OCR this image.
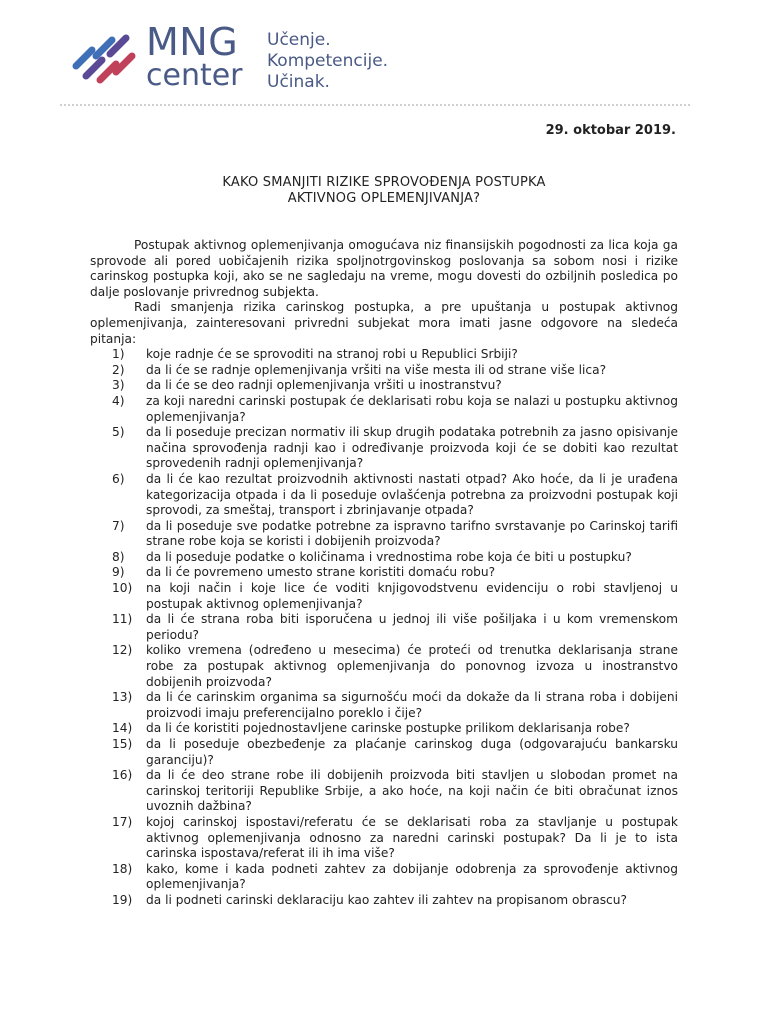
MNG
center
Učenje.
Kompetencije.
Učinak.
29. oktobar 2019.
KAKO SMANJITI RIZIKE SPROVOĐENJA POSTUPKA
AKTIVNOG OPLEMENJIVANJA?

Postupak aktivnog oplemenjivanja omogućava niz finansijskih pogodnosti za lica koja ga sprovode ali pored uobičajenih rizika spoljnotrgovinskog poslovanja sa sobom nosi i rizike carinskog postupka koji, ako se ne sagledaju na vreme, mogu dovesti do ozbiljnih posledica po dalje poslovanje privrednog subjekta.

Radi smanjenja rizika carinskog postupka, a pre upuštanja u postupak aktivnog oplemenjivanja, zainteresovani privredni subjekat mora imati jasne odgovore na sledeća pitanja:

1)	koje radnje će se sprovoditi na stranoj robi u Republici Srbiji?
2)	da li će se radnje oplemenjivanja vršiti na više mesta ili od strane više lica?
3)	da li će se deo radnji oplemenjivanja vršiti u inostranstvu?
4)	za koji naredni carinski postupak će deklarisati robu koja se nalazi u postupku aktivnog oplemenjivanja?
5)	da li poseduje precizan normativ ili skup drugih podataka potrebnih za jasno opisivanje načina sprovođenja radnji kao i određivanje proizvoda koji će se dobiti kao rezultat sprovedenih radnji oplemenjivanja?
6)	da li će kao rezultat proizvodnih aktivnosti nastati otpad? Ako hoće, da li je urađena kategorizacija otpada i da li poseduje ovlašćenja potrebna za proizvodni postupak koji sprovodi, za smeštaj, transport i zbrinjavanje otpada?
7)	da li poseduje sve podatke potrebne za ispravno tarifno svrstavanje po Carinskoj tarifi strane robe koja se koristi i dobijenih proizvoda?
8)	da li poseduje podatke o količinama i vrednostima robe koja će biti u postupku?
9)	da li će povremeno umesto strane koristiti domaću robu?
10)	na koji način i koje lice će voditi knjigovodstvenu evidenciju o robi stavljenoj u postupak aktivnog oplemenjivanja?
11)	da li će strana roba biti isporučena u jednoj ili više pošiljaka i u kom vremenskom periodu?
12)	koliko vremena (određeno u mesecima) će proteći od trenutka deklarisanja strane robe za postupak aktivnog oplemenjivanja do ponovnog izvoza u inostranstvo dobijenih proizvoda?
13)	da li će carinskim organima sa sigurnošću moći da dokaže da li strana roba i dobijeni proizvodi imaju preferencijalno poreklo i čije?
14)	da li će koristiti pojednostavljene carinske postupke prilikom deklarisanja robe?
15)	da li poseduje obezbeđenje za plaćanje carinskog duga (odgovarajuću bankarsku garanciju)?
16)	da li će deo strane robe ili dobijenih proizvoda biti stavljen u slobodan promet na carinskoj teritoriji Republike Srbije, a ako hoće, na koji način će biti obračunat iznos uvoznih dažbina?
17)	kojoj carinskoj ispostavi/referatu će se deklarisati roba za stavljanje u postupak aktivnog oplemenjivanja odnosno za naredni carinski postupak? Da li je to ista carinska ispostava/referat ili ih ima više?
18)	kako, kome i kada podneti zahtev za dobijanje odobrenja za sprovođenje aktivnog oplemenjivanja?
19)	da li podneti carinski deklaraciju kao zahtev ili zahtev na propisanom obrascu?
